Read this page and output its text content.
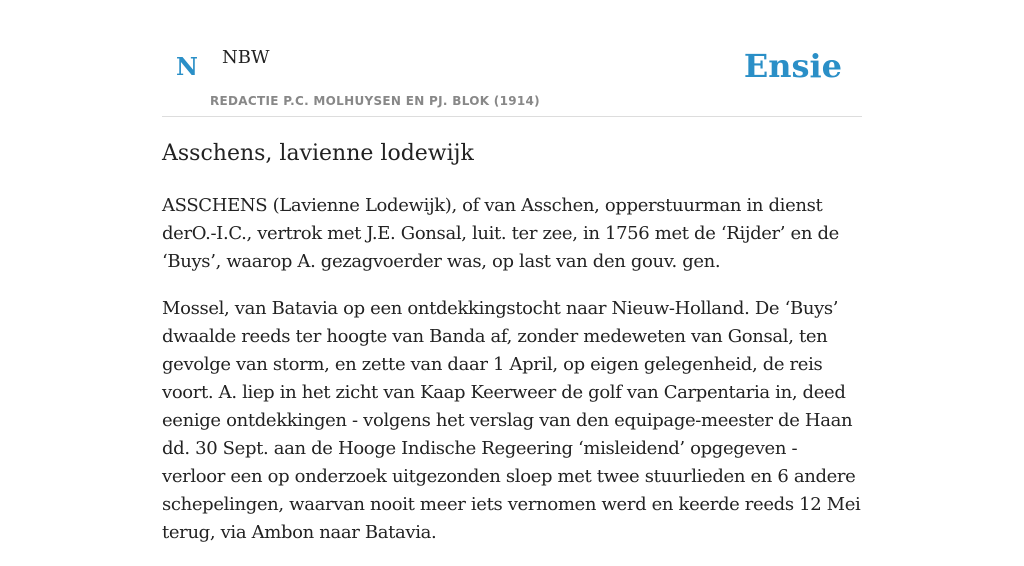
N NBW
REDACTIE P.C. MOLHUYSEN EN PJ. BLOK (1914)
Ensie
Asschens, lavienne lodewijk

ASSCHENS (Lavienne Lodewijk), of van Asschen, opperstuurman in dienst derO.-I.C., vertrok met J.E. Gonsal, luit. ter zee, in 1756 met de ‘Rijder’ en de ‘Buys’, waarop A. gezagvoerder was, op last van den gouv. gen.

Mossel, van Batavia op een ontdekkingstocht naar Nieuw-Holland. De ‘Buys’ dwaalde reeds ter hoogte van Banda af, zonder medeweten van Gonsal, ten gevolge van storm, en zette van daar 1 April, op eigen gelegenheid, de reis voort. A. liep in het zicht van Kaap Keerweer de golf van Carpentaria in, deed eenige ontdekkingen - volgens het verslag van den equipage-meester de Haan dd. 30 Sept. aan de Hooge Indische Regeering ‘misleidend’ opgegeven - verloor een op onderzoek uitgezonden sloep met twee stuurlieden en 6 andere schepelingen, waarvan nooit meer iets vernomen werd en keerde reeds 12 Mei terug, via Ambon naar Batavia.
